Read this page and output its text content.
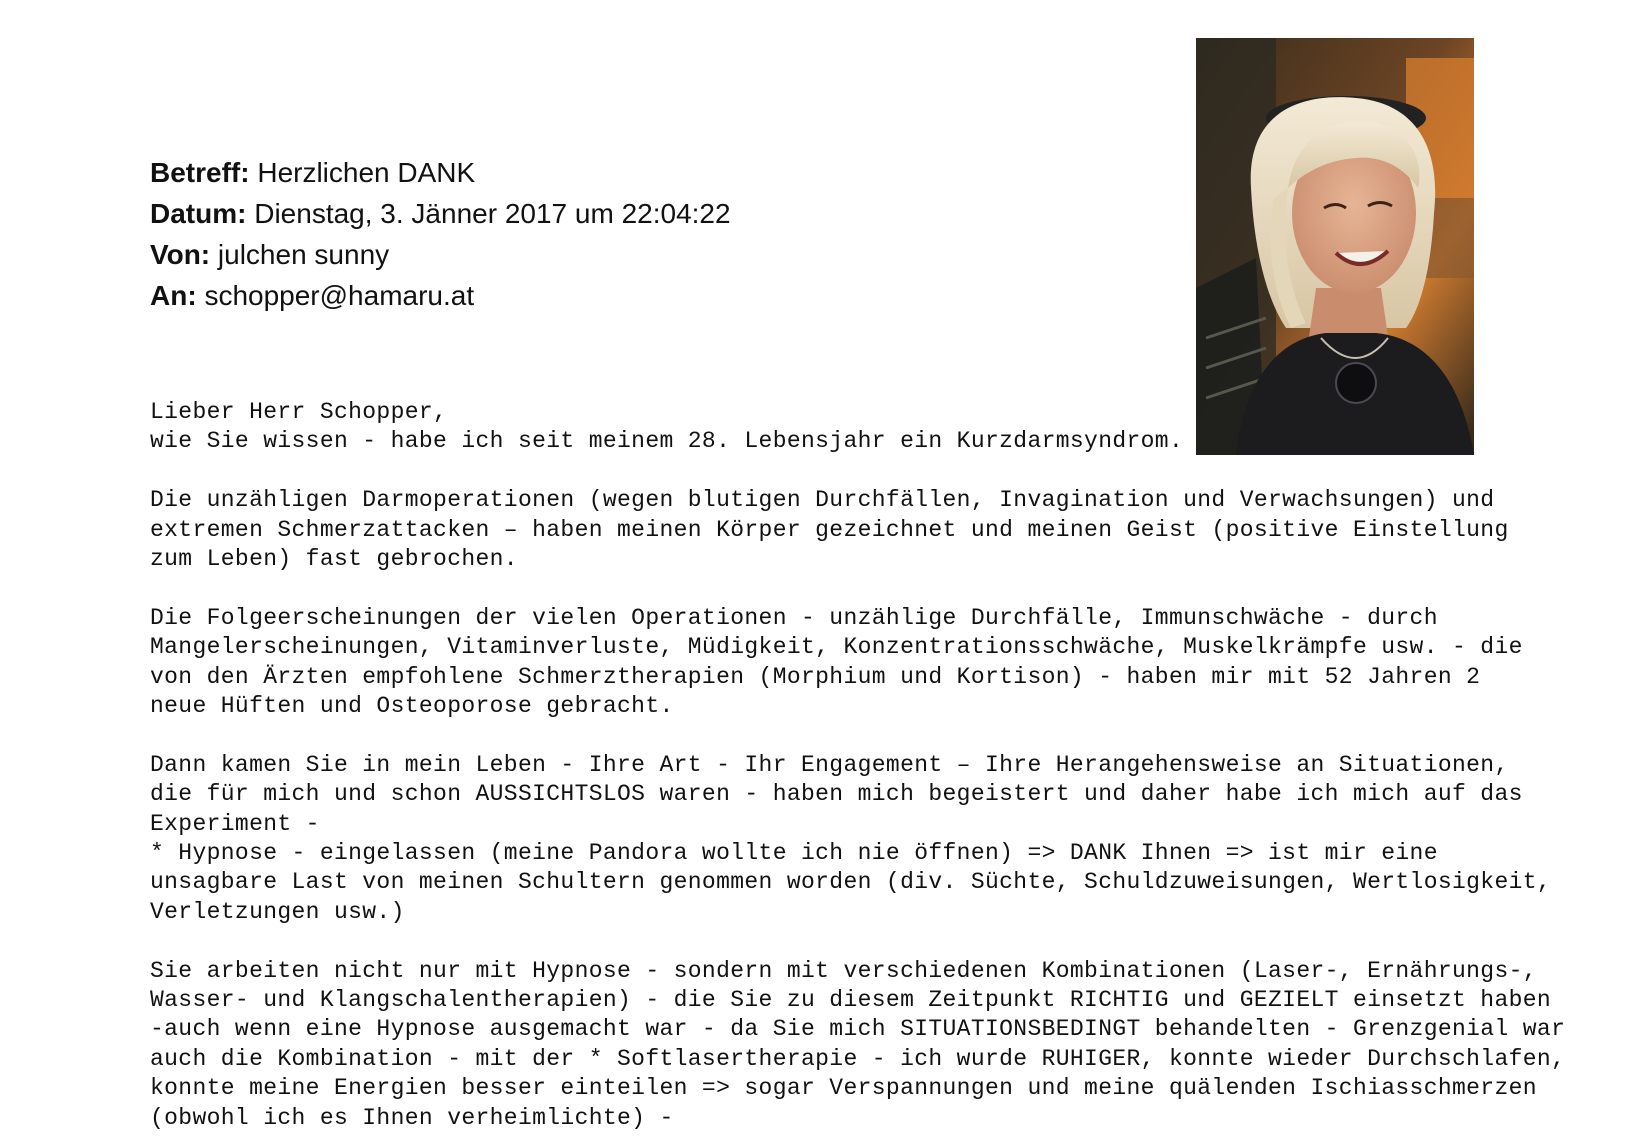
Betreff: Herzlichen DANK
Datum: Dienstag, 3. Jänner 2017 um 22:04:22
Von: julchen sunny
An: schopper@hamaru.at
Lieber Herr Schopper,
wie Sie wissen - habe ich seit meinem 28. Lebensjahr ein Kurzdarmsyndrom.
Die unzähligen Darmoperationen (wegen blutigen Durchfällen, Invagination und Verwachsungen) und
extremen Schmerzattacken – haben meinen Körper gezeichnet und meinen Geist (positive Einstellung
zum Leben) fast gebrochen.
Die Folgeerscheinungen der vielen Operationen - unzählige Durchfälle, Immunschwäche - durch
Mangelerscheinungen, Vitaminverluste, Müdigkeit, Konzentrationsschwäche, Muskelkrämpfe usw. - die
von den Ärzten empfohlene Schmerztherapien (Morphium und Kortison) - haben mir mit 52 Jahren 2
neue Hüften und Osteoporose gebracht.
Dann kamen Sie in mein Leben - Ihre Art - Ihr Engagement – Ihre Herangehensweise an Situationen,
die für mich und schon AUSSICHTSLOS waren - haben mich begeistert und daher habe ich mich auf das
Experiment -
* Hypnose - eingelassen (meine Pandora wollte ich nie öffnen) => DANK Ihnen => ist mir eine
unsagbare Last von meinen Schultern genommen worden (div. Süchte, Schuldzuweisungen, Wertlosigkeit,
Verletzungen usw.)
Sie arbeiten nicht nur mit Hypnose - sondern mit verschiedenen Kombinationen (Laser-, Ernährungs-,
Wasser- und Klangschalentherapien) - die Sie zu diesem Zeitpunkt RICHTIG und GEZIELT einsetzt haben
-auch wenn eine Hypnose ausgemacht war - da Sie mich SITUATIONSBEDINGT behandelten - Grenzgenial war
auch die Kombination - mit der * Softlasertherapie - ich wurde RUHIGER, konnte wieder Durchschlafen,
konnte meine Energien besser einteilen => sogar Verspannungen und meine quälenden Ischiasschmerzen
(obwohl ich es Ihnen verheimlichte) -
